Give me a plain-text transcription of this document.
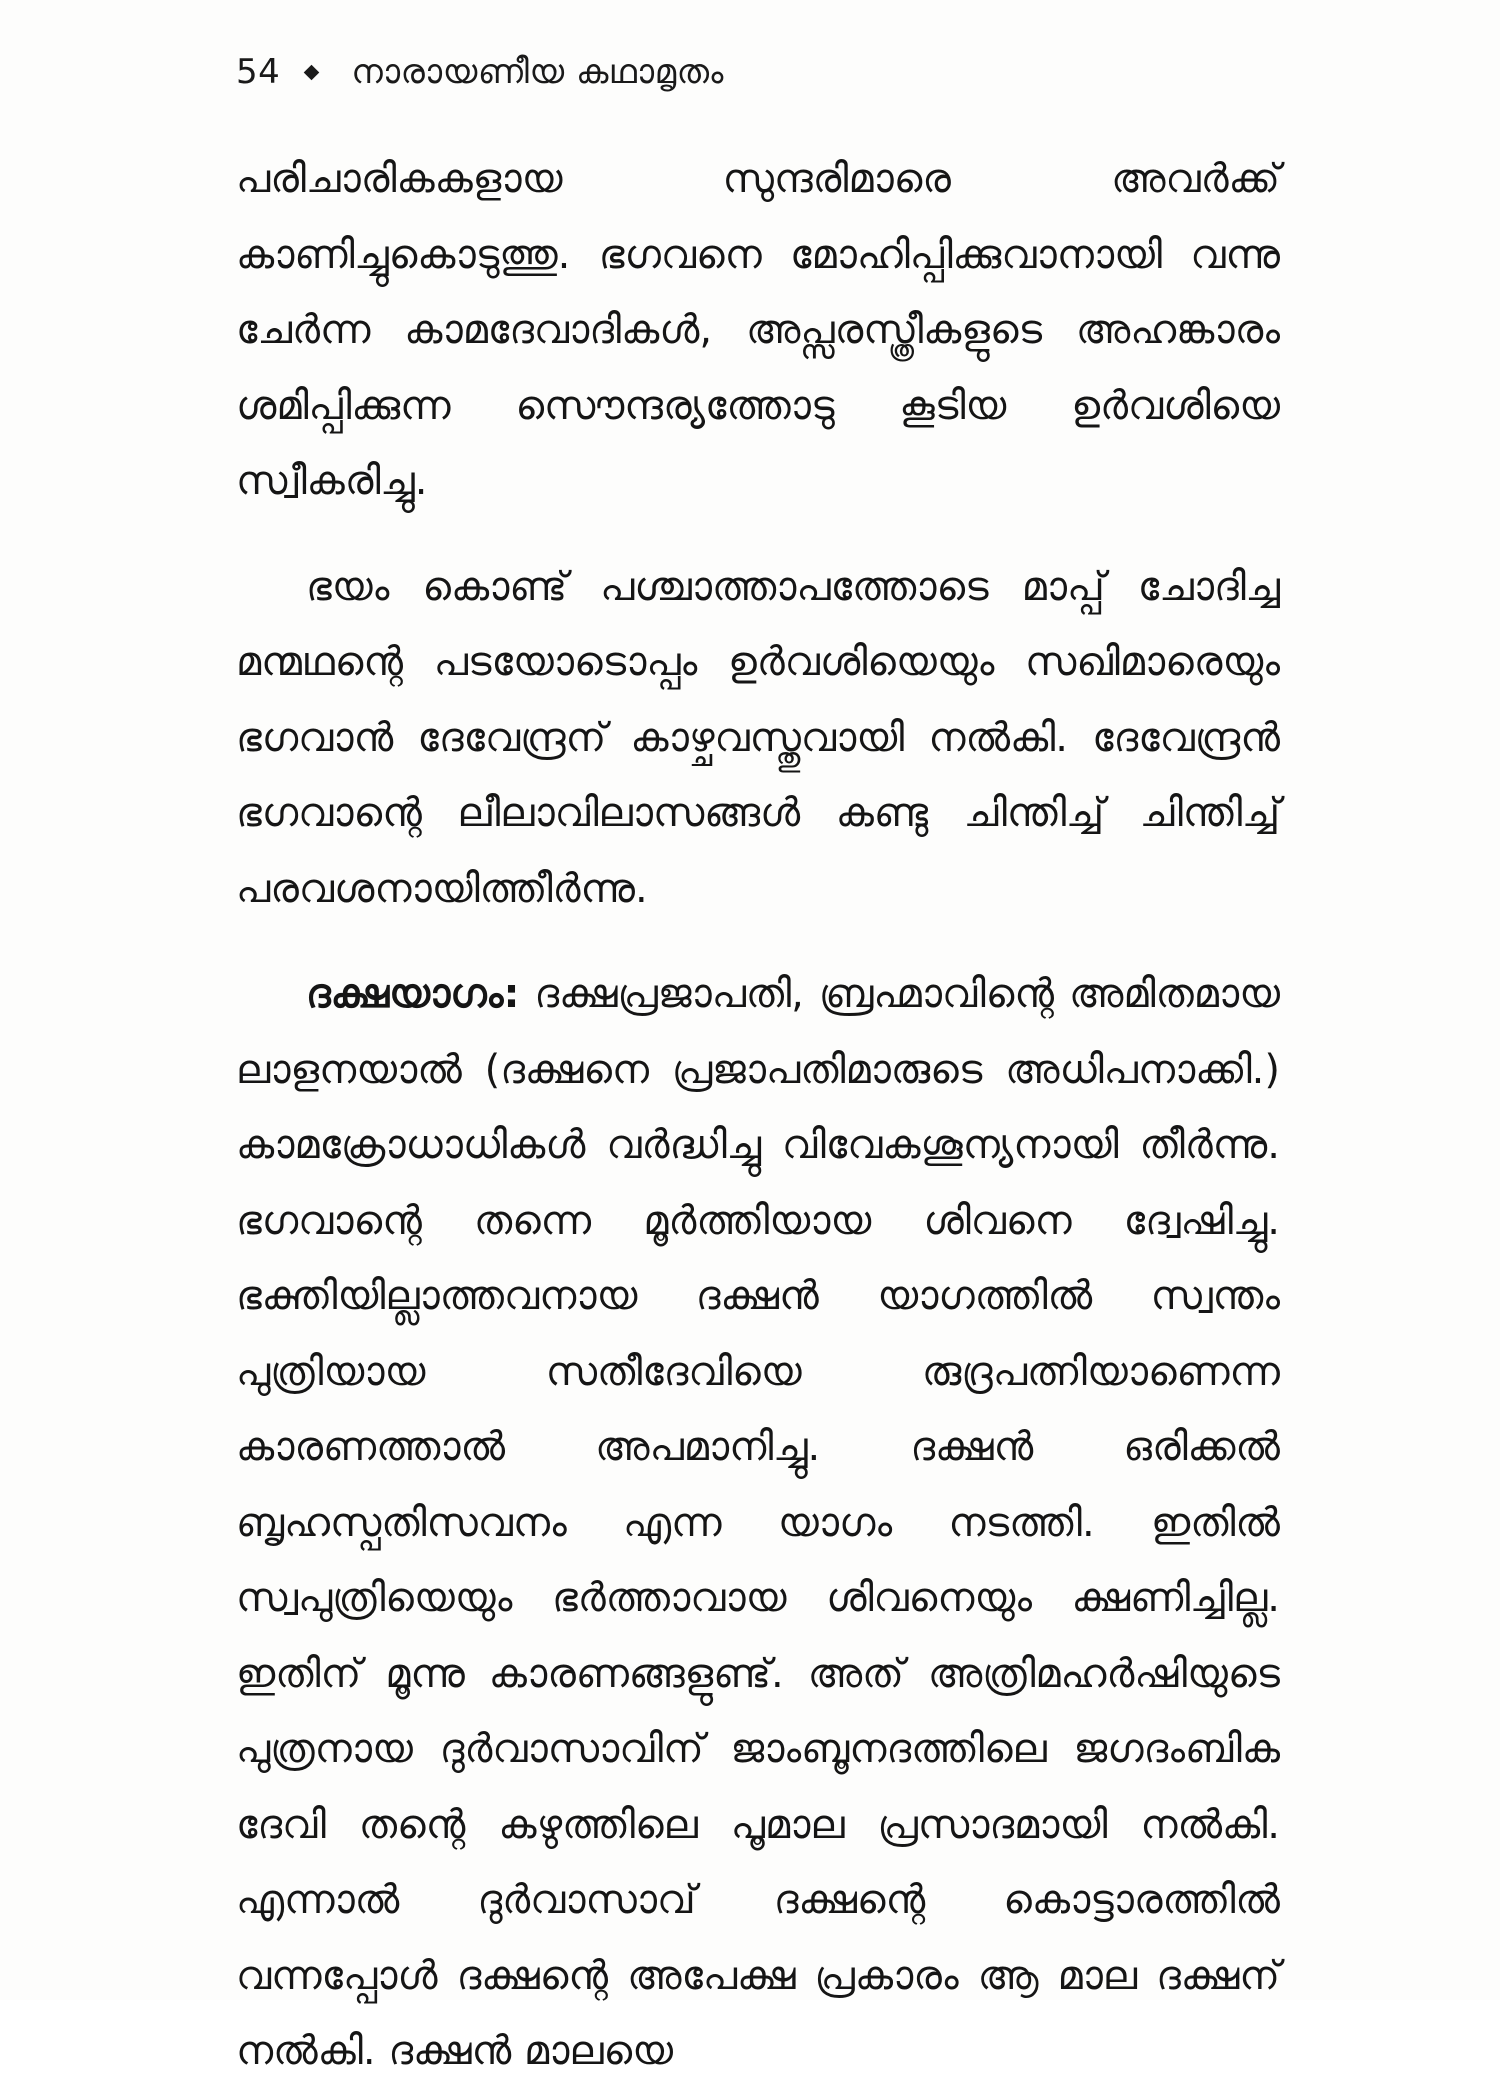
54 നാരായണീയ കഥാമൃതം

പരിചാരികകളായ സുന്ദരിമാരെ അവർക്ക് കാണിച്ചുകൊടുത്തു. ഭഗവനെ മോഹിപ്പിക്കുവാനായി വന്നു ചേർന്ന കാമദേവാദികൾ, അപ്സരസ്ത്രീകളുടെ അഹങ്കാരം ശമിപ്പിക്കുന്ന സൌന്ദര്യത്തോടു കൂടിയ ഉർവശിയെ സ്വീകരിച്ചു.

ഭയം കൊണ്ട് പശ്ചാത്താപത്തോടെ മാപ്പ് ചോദിച്ച മന്മഥന്റെ പടയോടൊപ്പം ഉർവശിയെയും സഖിമാരെയും ഭഗവാൻ ദേവേന്ദ്രന് കാഴ്ചവസ്തുവായി നൽകി. ദേവേന്ദ്രൻ ഭഗവാന്റെ ലീലാവിലാസങ്ങൾ കണ്ടു ചിന്തിച്ച് ചിന്തിച്ച് പരവശനായിത്തീർന്നു.

ദക്ഷയാഗം: ദക്ഷപ്രജാപതി, ബ്രഹ്മാവിന്റെ അമിതമായ ലാളനയാൽ (ദക്ഷനെ പ്രജാപതിമാരുടെ അധിപനാക്കി.) കാമക്രോധാധികൾ വർദ്ധിച്ചു വിവേകശൂന്യനായി തീർന്നു. ഭഗവാന്റെ തന്നെ മൂർത്തിയായ ശിവനെ ദ്വേഷിച്ചു. ഭക്തിയില്ലാത്തവനായ ദക്ഷൻ യാഗത്തിൽ സ്വന്തം പുത്രിയായ സതീദേവിയെ രുദ്രപത്നിയാണെന്ന കാരണത്താൽ അപമാനിച്ചു. ദക്ഷൻ ഒരിക്കൽ ബൃഹസ്പതിസവനം എന്ന യാഗം നടത്തി. ഇതിൽ സ്വപുത്രിയെയും ഭർത്താവായ ശിവനെയും ക്ഷണിച്ചില്ല. ഇതിന് മൂന്നു കാരണങ്ങളുണ്ട്. അത് അത്രിമഹർഷിയുടെ പുത്രനായ ദുർവാസാവിന് ജാംബൂനദത്തിലെ ജഗദംബിക ദേവി തന്റെ കഴുത്തിലെ പൂമാല പ്രസാദമായി നൽകി. എന്നാൽ ദുർവാസാവ് ദക്ഷന്റെ കൊട്ടാരത്തിൽ വന്നപ്പോൾ ദക്ഷന്റെ അപേക്ഷ പ്രകാരം ആ മാല ദക്ഷന് നൽകി. ദക്ഷൻ മാലയെ
